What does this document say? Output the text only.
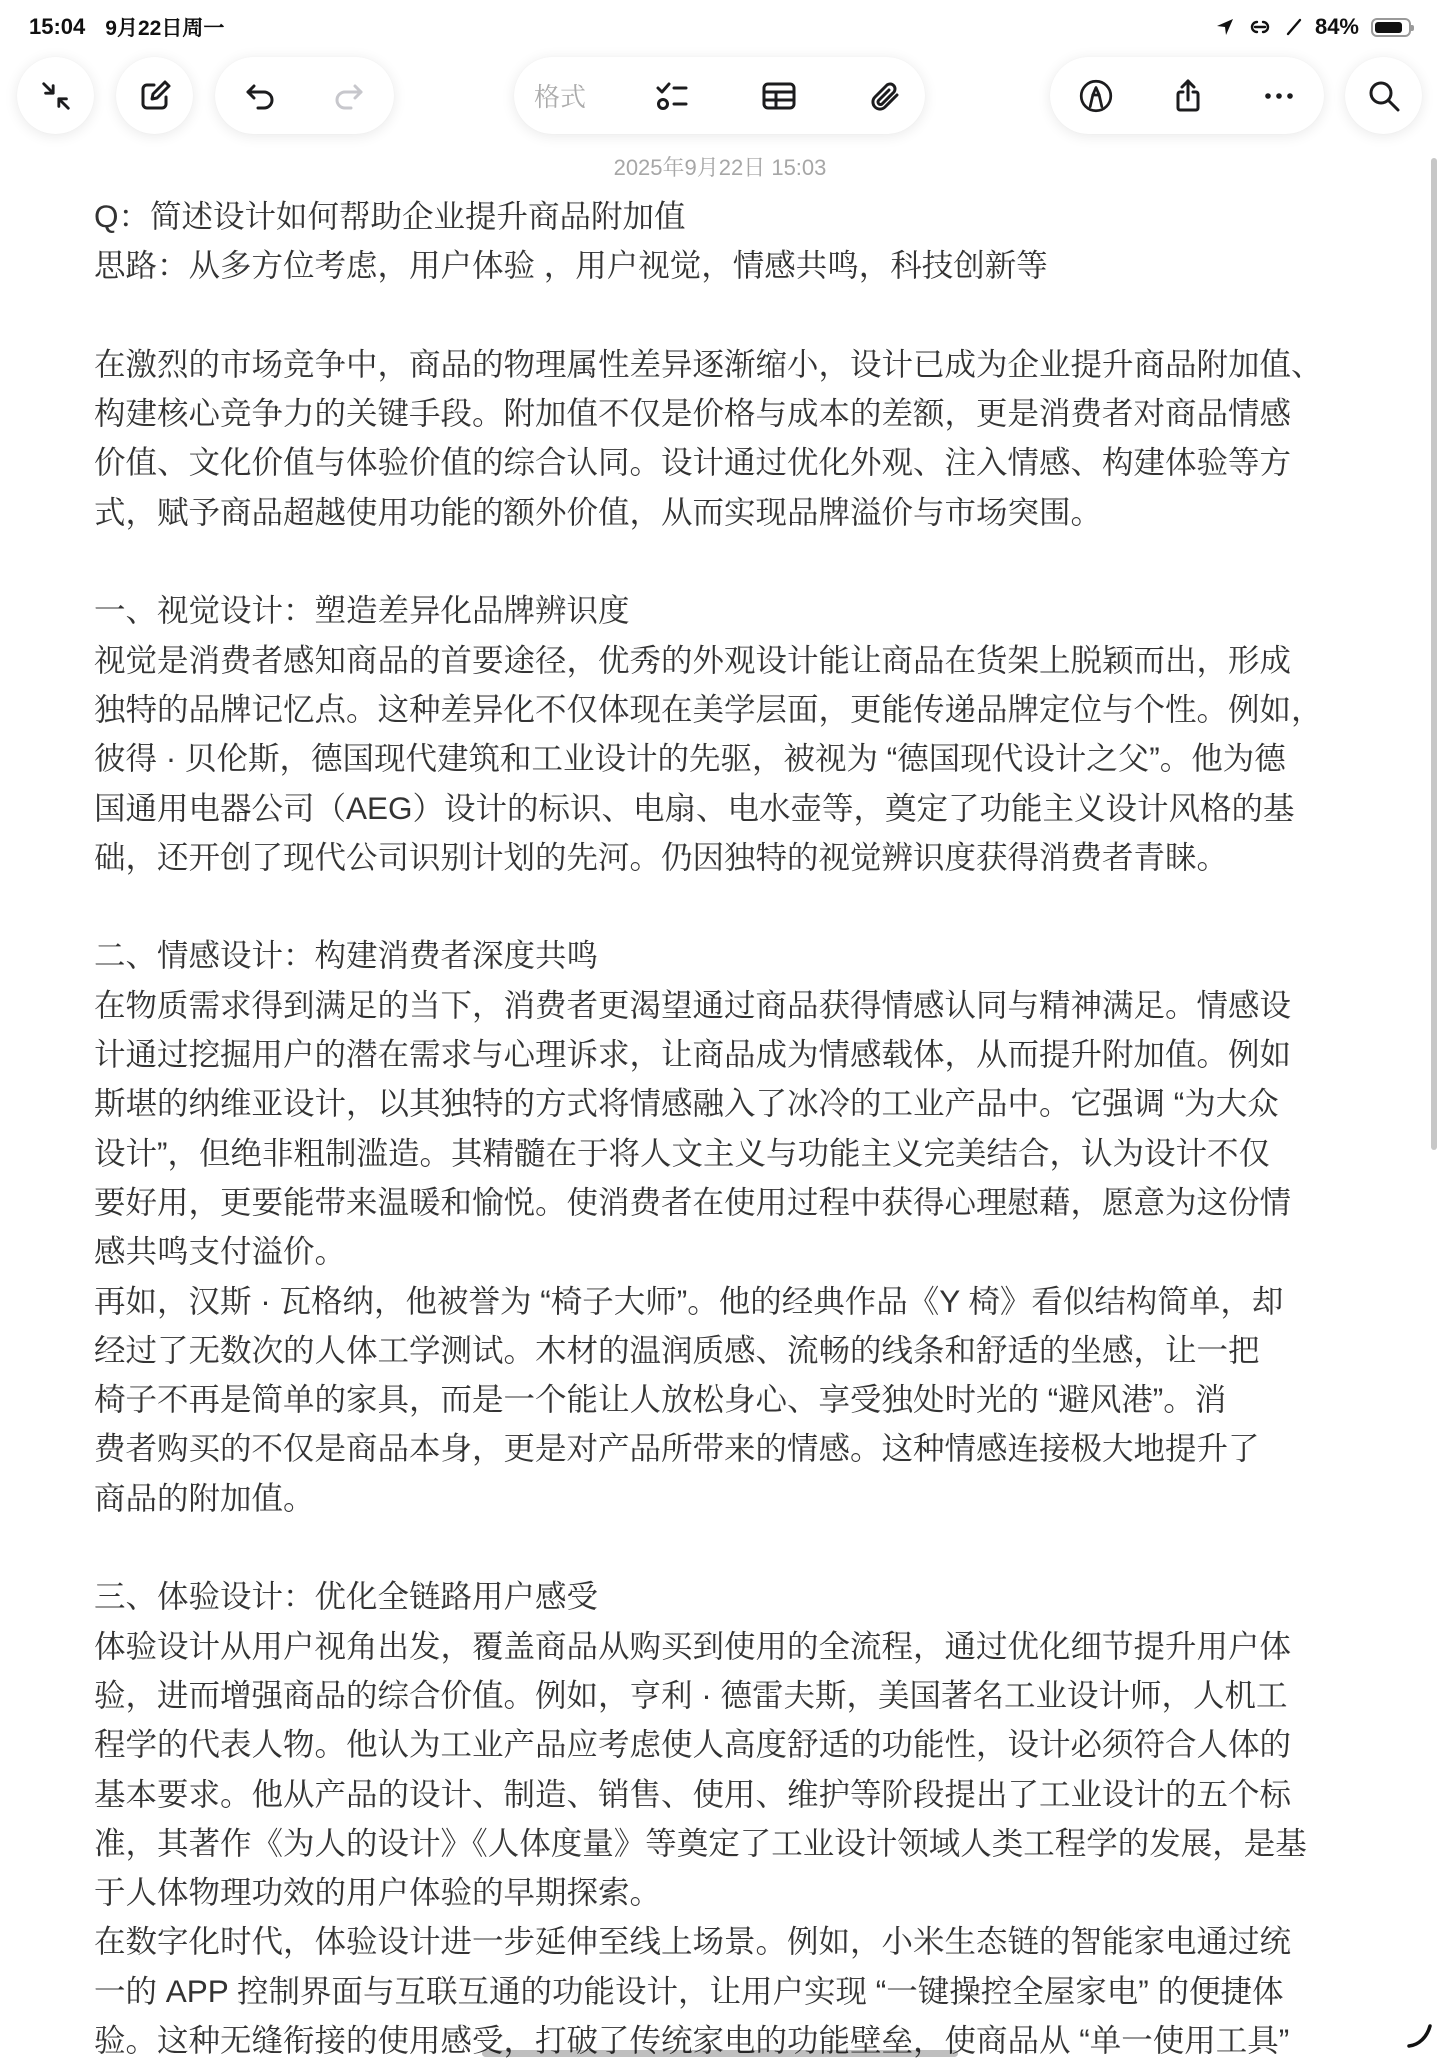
15:04 9月22日周一	84%
格式
2025年9月22日 15:03
Q：简述设计如何帮助企业提升商品附加值
思路：从多方位考虑，用户体验 ，用户视觉，情感共鸣，科技创新等
在激烈的市场竞争中，商品的物理属性差异逐渐缩小，设计已成为企业提升商品附加值、
构建核心竞争力的关键手段。附加值不仅是价格与成本的差额，更是消费者对商品情感
价值、文化价值与体验价值的综合认同。设计通过优化外观、注入情感、构建体验等方
式，赋予商品超越使用功能的额外价值，从而实现品牌溢价与市场突围。
一、视觉设计：塑造差异化品牌辨识度
视觉是消费者感知商品的首要途径，优秀的外观设计能让商品在货架上脱颖而出，形成
独特的品牌记忆点。这种差异化不仅体现在美学层面，更能传递品牌定位与个性。例如，
彼得 · 贝伦斯，德国现代建筑和工业设计的先驱，被视为 “德国现代设计之父”。他为德
国通用电器公司（AEG）设计的标识、电扇、电水壶等，奠定了功能主义设计风格的基
础，还开创了现代公司识别计划的先河。仍因独特的视觉辨识度获得消费者青睐。
二、情感设计：构建消费者深度共鸣
在物质需求得到满足的当下，消费者更渴望通过商品获得情感认同与精神满足。情感设
计通过挖掘用户的潜在需求与心理诉求，让商品成为情感载体，从而提升附加值。例如
斯堪的纳维亚设计，以其独特的方式将情感融入了冰冷的工业产品中。它强调 “为大众
设计”，但绝非粗制滥造。其精髓在于将人文主义与功能主义完美结合，认为设计不仅
要好用，更要能带来温暖和愉悦。使消费者在使用过程中获得心理慰藉，愿意为这份情
感共鸣支付溢价。
再如，汉斯 · 瓦格纳，他被誉为 “椅子大师”。他的经典作品《Y 椅》看似结构简单，却
经过了无数次的人体工学测试。木材的温润质感、流畅的线条和舒适的坐感，让一把
椅子不再是简单的家具，而是一个能让人放松身心、享受独处时光的 “避风港”。消
费者购买的不仅是商品本身，更是对产品所带来的情感。这种情感连接极大地提升了
商品的附加值。
三、体验设计：优化全链路用户感受
体验设计从用户视角出发，覆盖商品从购买到使用的全流程，通过优化细节提升用户体
验，进而增强商品的综合价值。例如，亨利 · 德雷夫斯，美国著名工业设计师，人机工
程学的代表人物。他认为工业产品应考虑使人高度舒适的功能性，设计必须符合人体的
基本要求。他从产品的设计、制造、销售、使用、维护等阶段提出了工业设计的五个标
准，其著作《为人的设计》《人体度量》等奠定了工业设计领域人类工程学的发展，是基
于人体物理功效的用户体验的早期探索。
在数字化时代，体验设计进一步延伸至线上场景。例如，小米生态链的智能家电通过统
一的 APP 控制界面与互联互通的功能设计，让用户实现 “一键操控全屋家电” 的便捷体
验。这种无缝衔接的使用感受，打破了传统家电的功能壁垒，使商品从 “单一使用工具”
